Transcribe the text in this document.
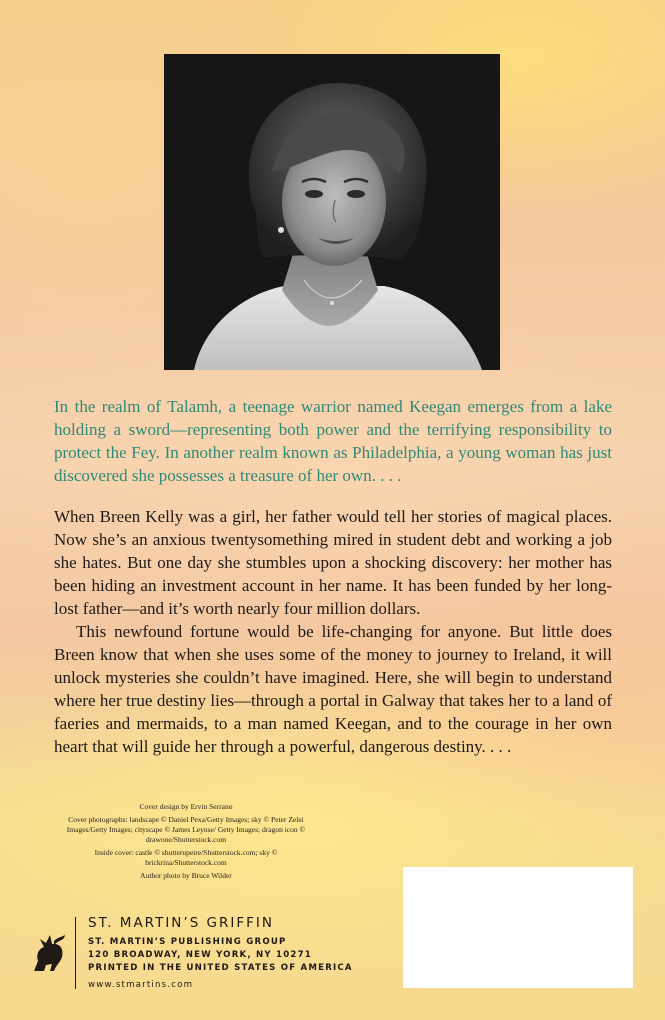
In the realm of Talamh, a teenage warrior named Keegan emerges from a lake holding a sword—representing both power and the terrifying responsibility to protect the Fey. In another realm known as Philadelphia, a young woman has just discovered she possesses a treasure of her own. . . .

When Breen Kelly was a girl, her father would tell her stories of magical places. Now she’s an anxious twentysomething mired in student debt and working a job she hates. But one day she stumbles upon a shocking discovery: her mother has been hiding an investment account in her name. It has been funded by her long-lost father—and it’s worth nearly four million dollars.

This newfound fortune would be life-changing for anyone. But little does Breen know that when she uses some of the money to journey to Ireland, it will unlock mysteries she couldn’t have imagined. Here, she will begin to understand where her true destiny lies—through a portal in Galway that takes her to a land of faeries and mermaids, to a man named Keegan, and to the courage in her own heart that will guide her through a powerful, dangerous destiny. . . .

Cover design by Ervin Serrano
Cover photographs: landscape © Daniel Pexa/Getty Images; sky © Peter Zelei Images/Getty Images; cityscape © James Leynse/ Getty Images; dragon icon © drawone/Shutterstock.com
Inside cover: castle © shutterupeire/Shutterstock.com; sky © brickrina/Shutterstock.com
Author photo by Bruce Wilder
ST. MARTIN’S GRIFFIN
ST. MARTIN’S PUBLISHING GROUP
120 BROADWAY, NEW YORK, NY 10271
PRINTED IN THE UNITED STATES OF AMERICA
www.stmartins.com
